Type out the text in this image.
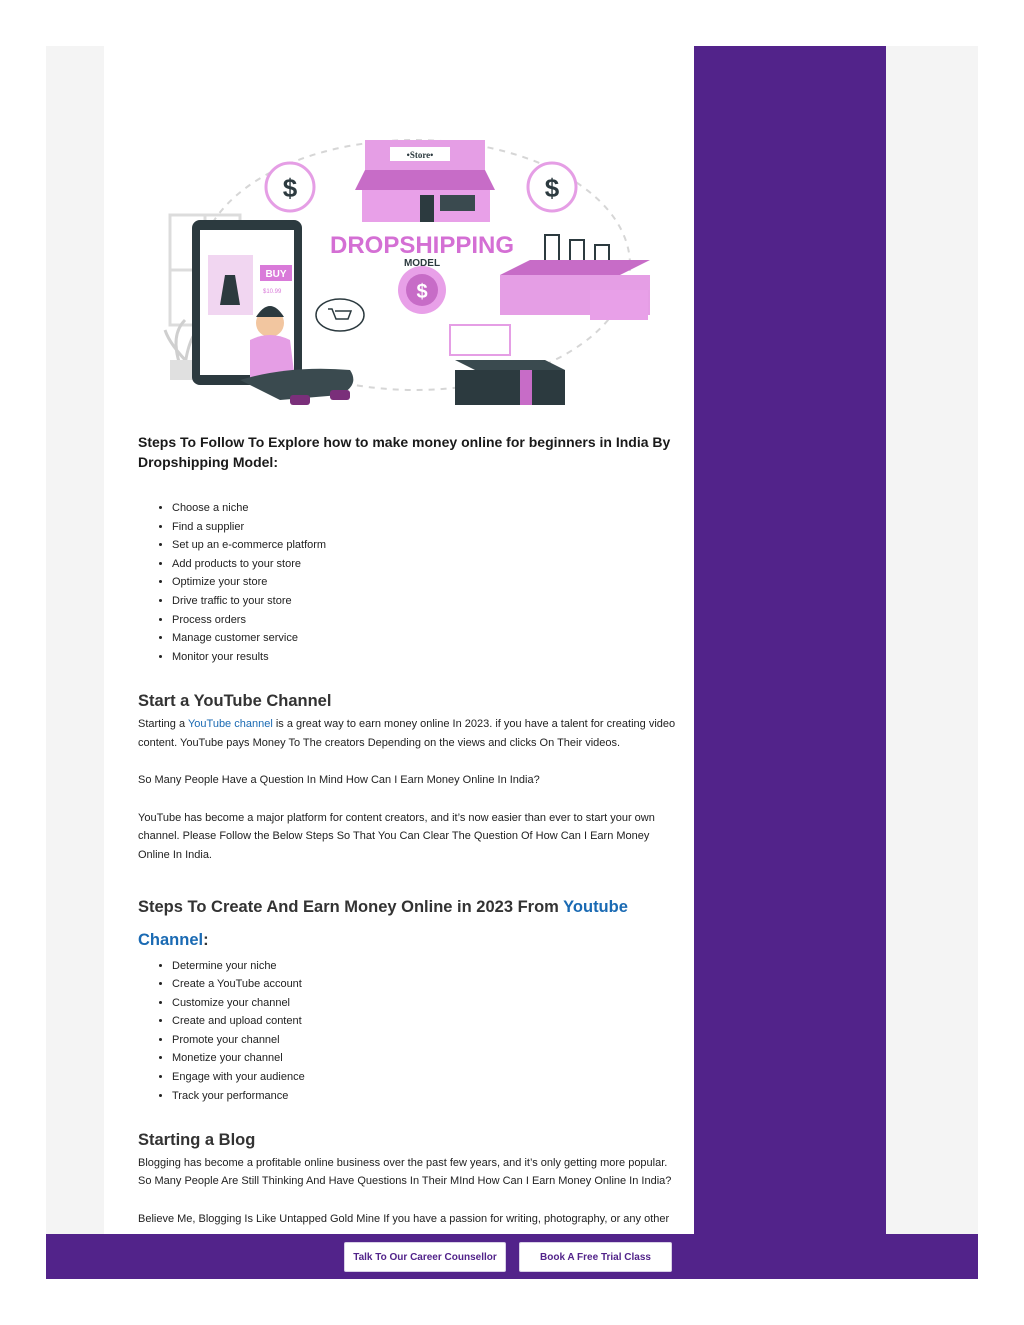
BUY
$10.99
$	$
$
•Store•
DROPSHIPPING
MODEL
Steps To Follow To Explore how to make money online for beginners in India By Dropshipping Model:
• Choose a niche
• Find a supplier
• Set up an e-commerce platform
• Add products to your store
• Optimize your store
• Drive traffic to your store
• Process orders
• Manage customer service
• Monitor your results
Start a YouTube Channel

Starting a YouTube channel is a great way to earn money online In 2023. if you have a talent for creating video content. YouTube pays Money To The creators Depending on the views and clicks On Their videos.

So Many People Have a Question In Mind How Can I Earn Money Online In India?

YouTube has become a major platform for content creators, and it’s now easier than ever to start your own channel. Please Follow the Below Steps So That You Can Clear The Question Of How Can I Earn Money Online In India.

Steps To Create And Earn Money Online in 2023 From Youtube Channel:
• Determine your niche
• Create a YouTube account
• Customize your channel
• Create and upload content
• Promote your channel
• Monetize your channel
• Engage with your audience
• Track your performance
Starting a Blog

Blogging has become a profitable online business over the past few years, and it’s only getting more popular. So Many People Are Still Thinking And Have Questions In Their MInd How Can I Earn Money Online In India?

Believe Me, Blogging Is Like Untapped Gold Mine If you have a passion for writing, photography, or any other

Talk To Our Career Counsellor	Book A Free Trial Class
